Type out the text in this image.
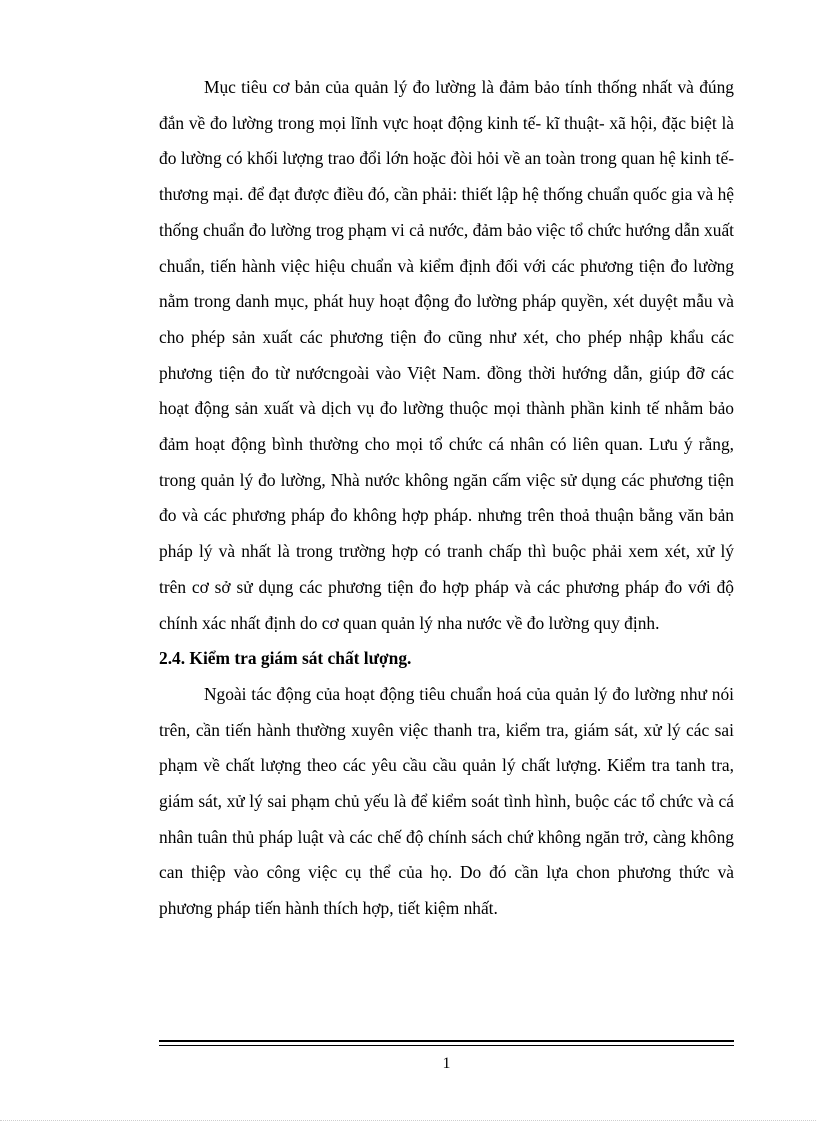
Mục tiêu cơ bản của quản lý đo lường là đảm bảo tính thống nhất và đúng đắn về đo lường trong mọi lĩnh vực hoạt động kinh tế- kĩ thuật- xã hội, đặc biệt là đo lường có khối lượng trao đổi lớn hoặc đòi hỏi về an toàn trong quan hệ kinh tế- thương mại. để đạt được điều đó, cần phải: thiết lập hệ thống chuẩn quốc gia và hệ thống chuẩn đo lường trog phạm vi cả nước, đảm bảo việc tổ chức hướng dẫn xuất chuẩn, tiến hành việc hiệu chuẩn và kiểm định đối với các phương tiện đo lường nằm trong danh mục, phát huy hoạt động đo lường pháp quyền, xét duyệt mẫu và cho phép sản xuất các phương tiện đo cũng như xét, cho phép nhập khẩu các phương tiện đo từ nướcngoài vào Việt Nam. đồng thời hướng dẫn, giúp đỡ các hoạt động sản xuất và dịch vụ đo lường thuộc mọi thành phần kinh tế nhằm bảo đảm hoạt động bình thường cho mọi tổ chức cá nhân có liên quan. Lưu ý rằng, trong quản lý đo lường, Nhà nước không ngăn cấm việc sử dụng các phương tiện đo và các phương pháp đo không hợp pháp. nhưng trên thoả thuận bằng văn bản pháp lý và nhất là trong trường hợp có tranh chấp thì buộc phải xem xét, xử lý trên cơ sở sử dụng các phương tiện đo hợp pháp và các phương pháp đo với độ chính xác nhất định do cơ quan quản lý nha nước về đo lường quy định.

2.4. Kiểm tra giám sát chất lượng.

Ngoài tác động của hoạt động tiêu chuẩn hoá của quản lý đo lường như nói trên, cần tiến hành thường xuyên việc thanh tra, kiểm tra, giám sát, xử lý các sai phạm về chất lượng theo các yêu cầu cầu quản lý chất lượng. Kiểm tra tanh tra, giám sát, xử lý sai phạm chủ yếu là để kiểm soát tình hình, buộc các tổ chức và cá nhân tuân thủ pháp luật và các chế độ chính sách chứ không ngăn trở, càng không can thiệp vào công việc cụ thể của họ. Do đó cần lựa chon phương thức và phương pháp tiến hành thích hợp, tiết kiệm nhất.

1
